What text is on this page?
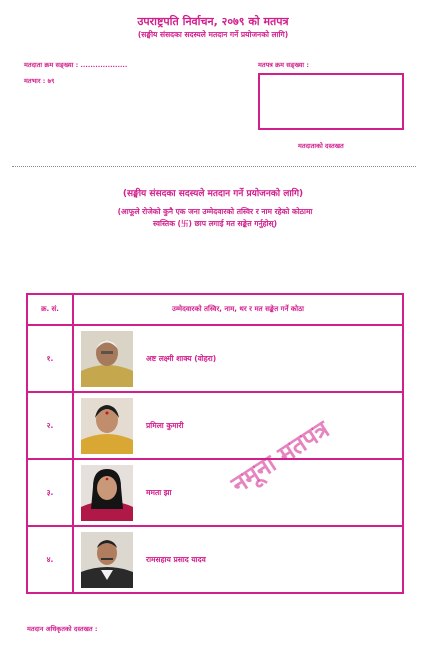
उपराष्ट्रपति निर्वाचन, २०७९ को मतपत्र
(सङ्घीय संसदका सदस्यले मतदान गर्ने प्रयोजनको लागि)
मतदाता क्रम सङ्ख्या : ...................	मतपत्र क्रम सङ्ख्या :
मतभार : ७९
मतदाताको दस्तखत
(सङ्घीय संसदका सदस्यले मतदान गर्ने प्रयोजनको लागि)
(आफूले रोजेको कुनै एक जना उम्मेदवारको तस्विर र नाम रहेको कोठामा
स्वस्तिक (卐) छाप लगाई मत सङ्केत गर्नुहोस्)
क्र. सं.	उम्मेदवारको तस्विर, नाम, थर र मत सङ्केत गर्ने कोठा
१.	अष्ट लक्ष्मी शाक्य (वोहरा)

२.	प्रमिला कुमारी

३.	ममता झा

४.	रामसहाय प्रसाद यादव
नमूना मतपत्र
मतदान अधिकृतको दस्तखत :
